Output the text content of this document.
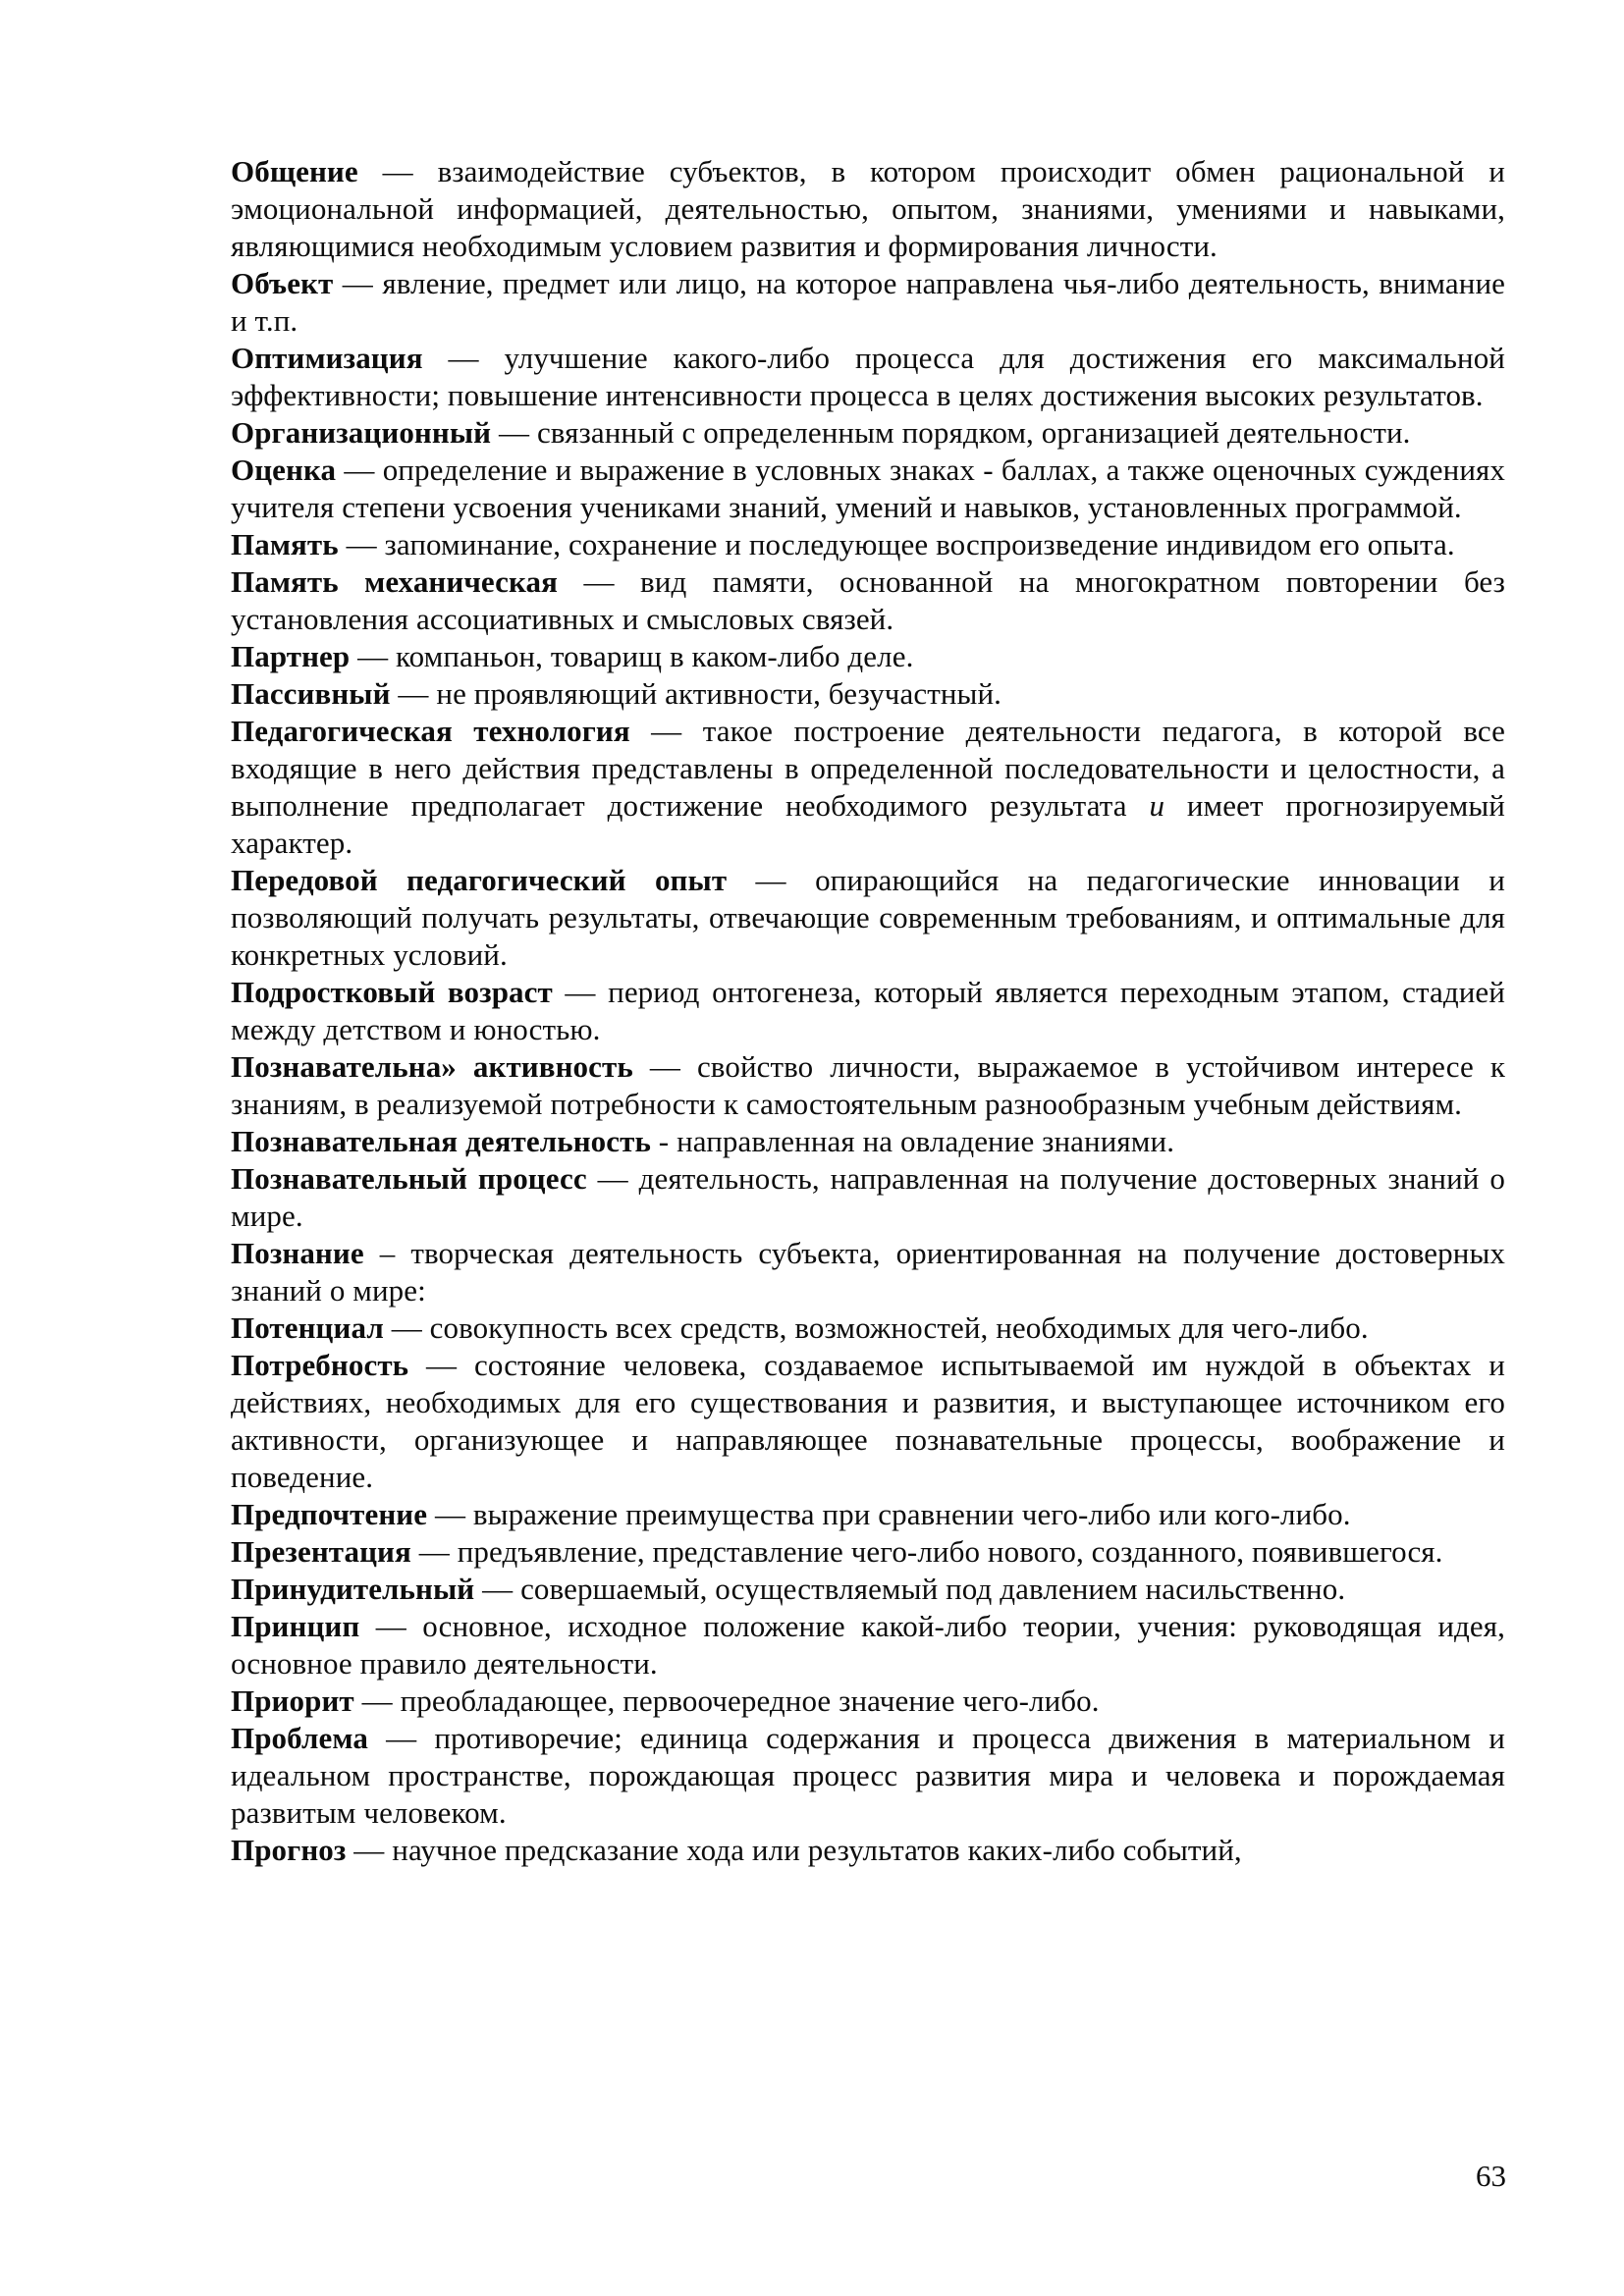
Общение — взаимодействие субъектов, в котором происходит обмен рациональной и эмоциональной информацией, деятельностью, опытом, знаниями, умениями и навыками, являющимися необходимым условием развития и формирования личности.

Объект — явление, предмет или лицо, на которое направлена чья-либо деятельность, внимание и т.п.

Оптимизация — улучшение какого-либо процесса для достижения его максимальной эффективности; повышение интенсивности процесса в целях достижения высоких результатов.

Организационный — связанный с определенным порядком, организацией деятельности.

Оценка — определение и выражение в условных знаках - баллах, а также оценочных суждениях учителя степени усвоения учениками знаний, умений и навыков, установленных программой.

Память — запоминание, сохранение и последующее воспроизведение индивидом его опыта.

Память механическая — вид памяти, основанной на многократном повторении без установления ассоциативных и смысловых связей.

Партнер — компаньон, товарищ в каком-либо деле.

Пассивный — не проявляющий активности, безучастный.

Педагогическая технология — такое построение деятельности педагога, в которой все входящие в него действия представлены в определенной последовательности и целостности, а выполнение предполагает достижение необходимого результата и имеет прогнозируемый характер.

Передовой педагогический опыт — опирающийся на педагогические инновации и позволяющий получать результаты, отвечающие современным требованиям, и оптимальные для конкретных условий.

Подростковый возраст — период онтогенеза, который является переходным этапом, стадией между детством и юностью.

Познавательна» активность — свойство личности, выражаемое в устойчивом интересе к знаниям, в реализуемой потребности к самостоятельным разнообразным учебным действиям.

Познавательная деятельность - направленная на овладение знаниями.

Познавательный процесс — деятельность, направленная на получение достоверных знаний о мире.

Познание – творческая деятельность субъекта, ориентированная на получение достоверных знаний о мире:

Потенциал — совокупность всех средств, возможностей, необходимых для чего-либо.

Потребность — состояние человека, создаваемое испытываемой им нуждой в объектах и действиях, необходимых для его существования и развития, и выступающее источником его активности, организующее и направляющее познавательные процессы, воображение и поведение.

Предпочтение — выражение преимущества при сравнении чего-либо или кого-либо.

Презентация — предъявление, представление чего-либо нового, созданного, появившегося.

Принудительный — совершаемый, осуществляемый под давлением насильственно.

Принцип — основное, исходное положение какой-либо теории, учения: руководящая идея, основное правило деятельности.

Приорит — преобладающее, первоочередное значение чего-либо.

Проблема — противоречие; единица содержания и процесса движения в материальном и идеальном пространстве, порождающая процесс развития мира и человека и порождаемая развитым человеком.

Прогноз — научное предсказание хода или результатов каких-либо событий,

63
